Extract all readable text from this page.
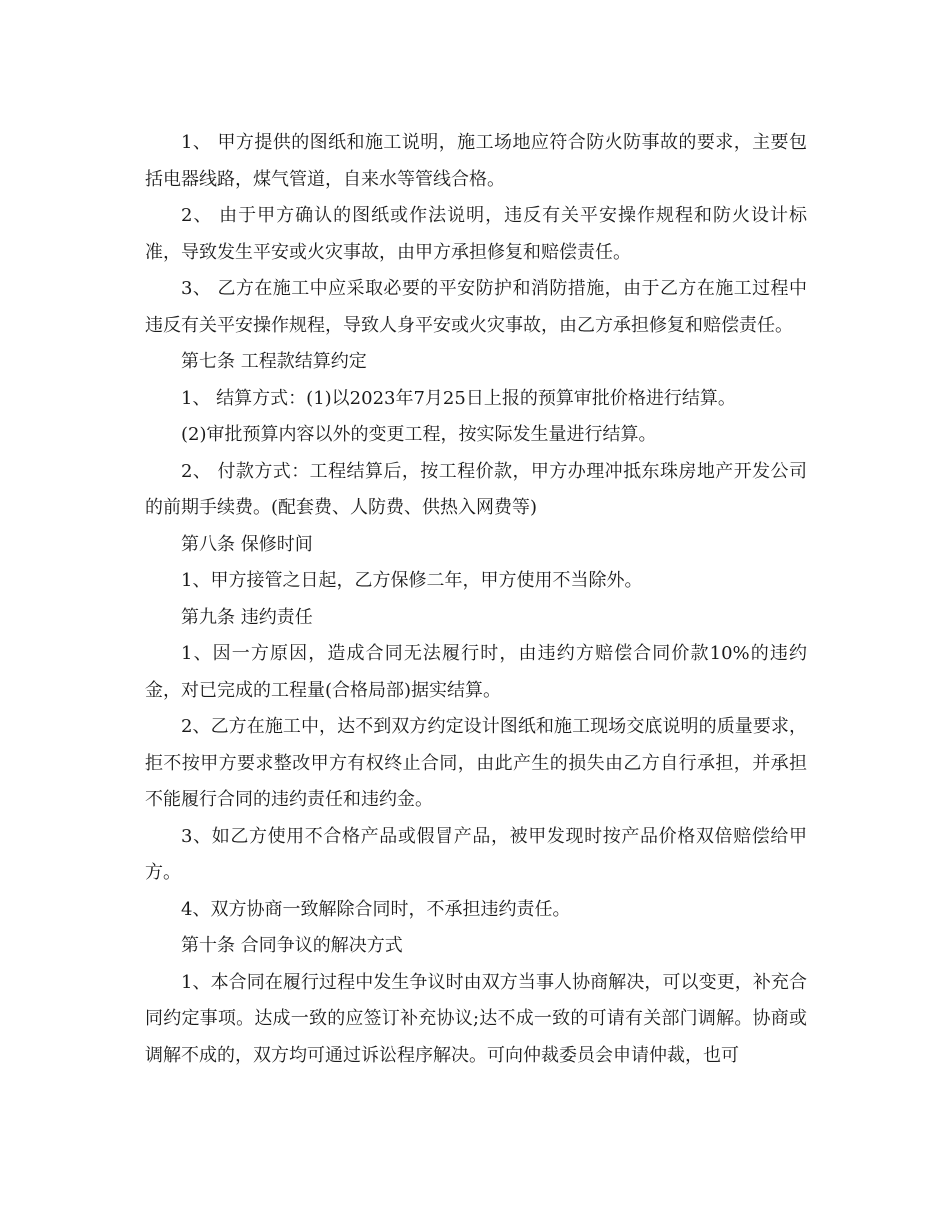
1、 甲方提供的图纸和施工说明，施工场地应符合防火防事故的要求，主要包括电器线路，煤气管道，自来水等管线合格。

2、 由于甲方确认的图纸或作法说明，违反有关平安操作规程和防火设计标准，导致发生平安或火灾事故，由甲方承担修复和赔偿责任。

3、 乙方在施工中应采取必要的平安防护和消防措施，由于乙方在施工过程中违反有关平安操作规程，导致人身平安或火灾事故，由乙方承担修复和赔偿责任。

第七条 工程款结算约定

1、 结算方式：(1)以2023年7月25日上报的预算审批价格进行结算。

(2)审批预算内容以外的变更工程，按实际发生量进行结算。

2、 付款方式：工程结算后，按工程价款，甲方办理冲抵东珠房地产开发公司的前期手续费。(配套费、人防费、供热入网费等)

第八条 保修时间

1、甲方接管之日起，乙方保修二年，甲方使用不当除外。

第九条 违约责任

1、因一方原因，造成合同无法履行时，由违约方赔偿合同价款10%的违约金，对已完成的工程量(合格局部)据实结算。

2、乙方在施工中，达不到双方约定设计图纸和施工现场交底说明的质量要求，拒不按甲方要求整改甲方有权终止合同，由此产生的损失由乙方自行承担，并承担不能履行合同的违约责任和违约金。

3、如乙方使用不合格产品或假冒产品，被甲发现时按产品价格双倍赔偿给甲方。

4、双方协商一致解除合同时，不承担违约责任。

第十条 合同争议的解决方式

1、本合同在履行过程中发生争议时由双方当事人协商解决，可以变更，补充合同约定事项。达成一致的应签订补充协议;达不成一致的可请有关部门调解。协商或调解不成的，双方均可通过诉讼程序解决。可向仲裁委员会申请仲裁，也可
